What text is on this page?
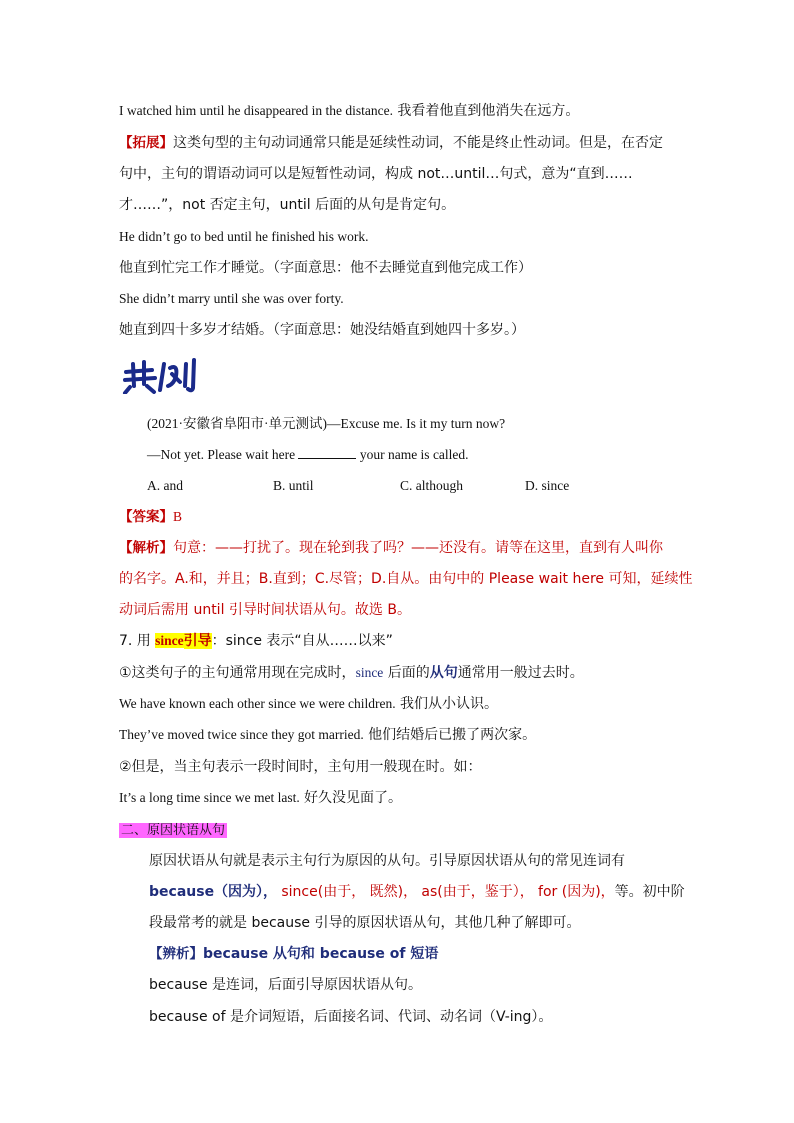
I watched him until he disappeared in the distance. 我看着他直到他消失在远方。
【拓展】这类句型的主句动词通常只能是延续性动词，不能是终止性动词。但是，在否定
句中，主句的谓语动词可以是短暂性动词，构成 not…until…句式，意为“直到……
才……”，not 否定主句，until 后面的从句是肯定句。
He didn’t go to bed until he finished his work.
他直到忙完工作才睡觉。（字面意思：他不去睡觉直到他完成工作）
She didn’t marry until she was over forty.
她直到四十多岁才结婚。（字面意思：她没结婚直到她四十多岁。）
(2021·安徽省阜阳市·单元测试)—Excuse me. Is it my turn now?
—Not yet. Please wait here	your name is called.
A. and	B. until	C. although	D. since
【答案】B
【解析】句意：——打扰了。现在轮到我了吗？——还没有。请等在这里，直到有人叫你
的名字。A.和，并且；B.直到；C.尽管；D.自从。由句中的 Please wait here 可知，延续性
动词后需用 until 引导时间状语从句。故选 B。
7. 用 since引导：since 表示“自从……以来”
①这类句子的主句通常用现在完成时，since 后面的从句通常用一般过去时。
We have known each other since we were children. 我们从小认识。
They’ve moved twice since they got married. 他们结婚后已搬了两次家。
②但是，当主句表示一段时间时，主句用一般现在时。如：
It’s a long time since we met last. 好久没见面了。
二、原因状语从句
原因状语从句就是表示主句行为原因的从句。引导原因状语从句的常见连词有
because（因为）， since(由于， 既然)， as(由于，鉴于）， for (因为)，等。初中阶
段最常考的就是 because 引导的原因状语从句，其他几种了解即可。
【辨析】because 从句和 because of 短语
because 是连词，后面引导原因状语从句。
because of 是介词短语，后面接名词、代词、动名词（V-ing）。
